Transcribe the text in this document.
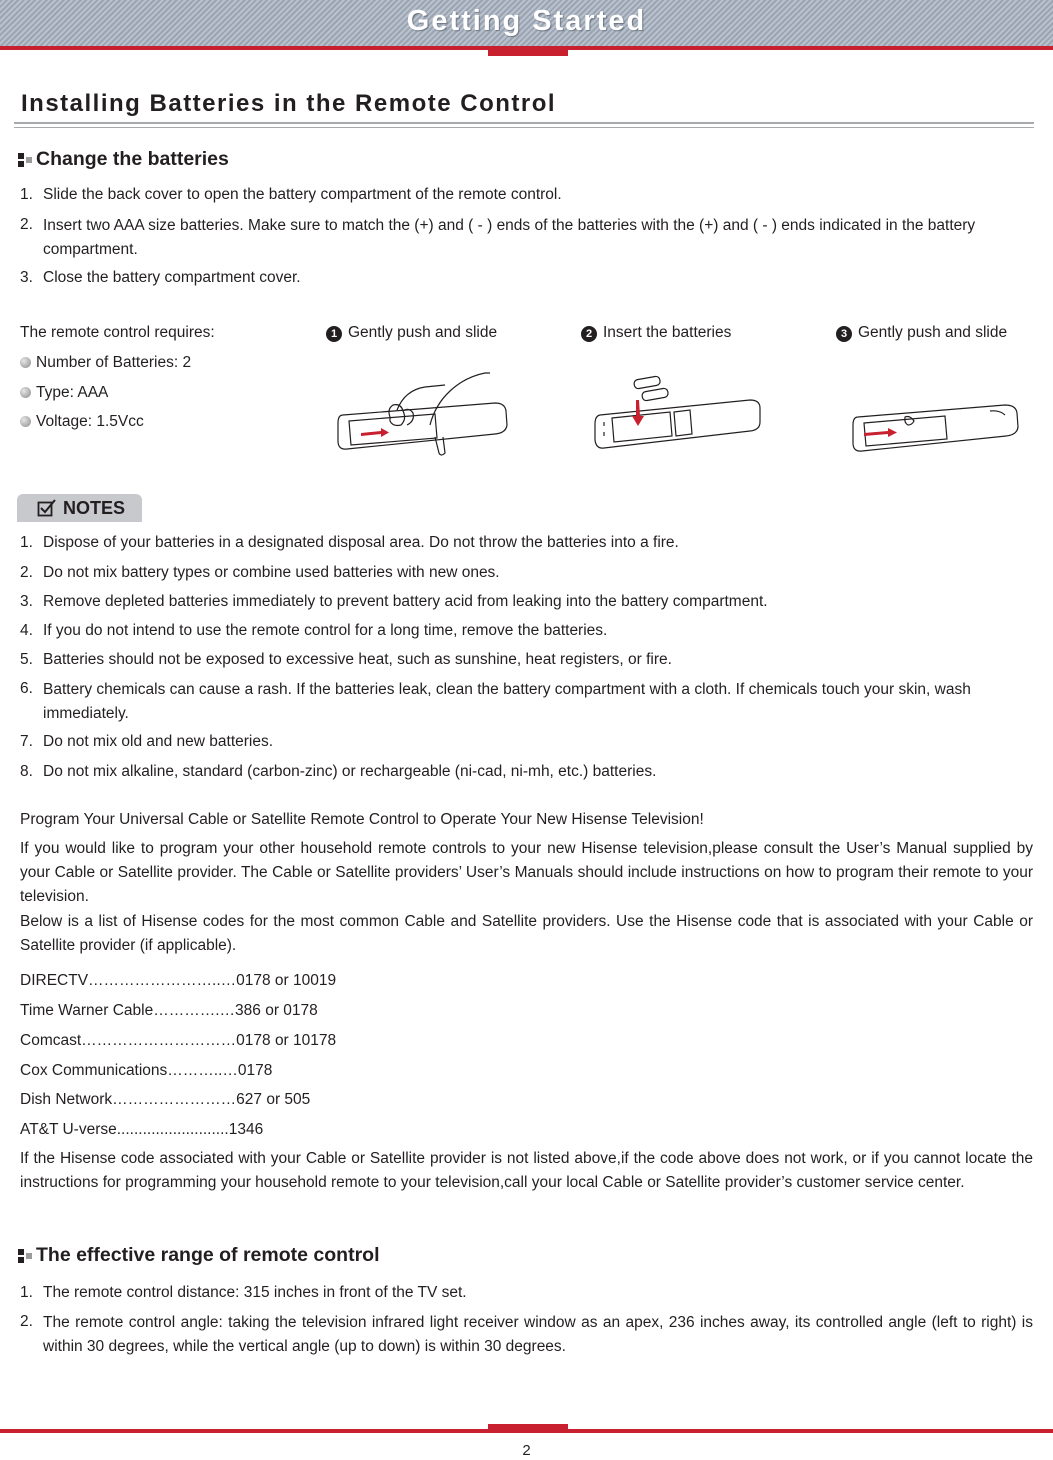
Getting Started
Installing Batteries in the Remote Control
Change the batteries
1. Slide the back cover to open the battery compartment of the remote control.
2. Insert two AAA size batteries. Make sure to match the (+) and ( - ) ends of the batteries with the (+) and ( - ) ends indicated in the battery compartment.
3. Close the battery compartment cover.
The remote control requires:
Number of Batteries: 2
Type: AAA
Voltage: 1.5Vcc
1 Gently push and slide	2 Insert the batteries	3 Gently push and slide
NOTES
1. Dispose of your batteries in a designated disposal area. Do not throw the batteries into a fire.
2. Do not mix battery types or combine used batteries with new ones.
3. Remove depleted batteries immediately to prevent battery acid from leaking into the battery compartment.
4. If you do not intend to use the remote control for a long time, remove the batteries.
5. Batteries should not be exposed to excessive heat, such as sunshine, heat registers, or fire.
6. Battery chemicals can cause a rash. If the batteries leak, clean the battery compartment with a cloth. If chemicals touch your skin, wash immediately.
7. Do not mix old and new batteries.
8. Do not mix alkaline, standard (carbon-zinc) or rechargeable (ni-cad, ni-mh, etc.) batteries.
Program Your Universal Cable or Satellite Remote Control to Operate Your New Hisense Television!
If you would like to program your other household remote controls to your new Hisense television,please consult the User’s Manual supplied by your Cable or Satellite provider. The Cable or Satellite providers’ User’s Manuals should include instructions on how to program their remote to your television.
Below is a list of Hisense codes for the most common Cable and Satellite providers. Use the Hisense code that is associated with your Cable or Satellite provider (if applicable).
DIRECTV……………………..…0178 or 10019
Time Warner Cable………….…386 or 0178
Comcast…………………………0178 or 10178
Cox Communications………..…0178
Dish Network……………………627 or 505
AT&T U-verse..........................1346
If the Hisense code associated with your Cable or Satellite provider is not listed above,if the code above does not work, or if you cannot locate the instructions for programming your household remote to your television,call your local Cable or Satellite provider’s customer service center.
The effective range of remote control
1. The remote control distance: 315 inches in front of the TV set.
2. The remote control angle: taking the television infrared light receiver window as an apex, 236 inches away, its controlled angle (left to right) is within 30 degrees, while the vertical angle (up to down) is within 30 degrees.
2
